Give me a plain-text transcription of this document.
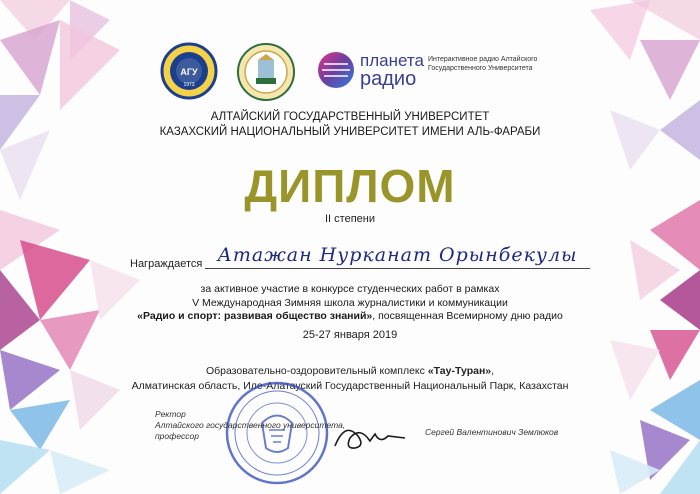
АГУ
1973
планета
радио
Интерактивное радио Алтайского Государственного Университета
АЛТАЙСКИЙ ГОСУДАРСТВЕННЫЙ УНИВЕРСИТЕТ
КАЗАХСКИЙ НАЦИОНАЛЬНЫЙ УНИВЕРСИТЕТ ИМЕНИ АЛЬ-ФАРАБИ
ДИПЛОМ
II степени
Награждается Атажан Нурканат Орынбекулы
за активное участие в конкурсе студенческих работ в рамках
V Международная Зимняя школа журналистики и коммуникации
«Радио и спорт: развивая общество знаний», посвященная Всемирному дню радио
25-27 января 2019
Образовательно-оздоровительный комплекс «Тау-Туран»,
Алматинская область, Иле-Алатауский Государственный Национальный Парк, Казахстан
Ректор
Алтайского государственного университета,
профессор	Сергей Валентинович Землюков
